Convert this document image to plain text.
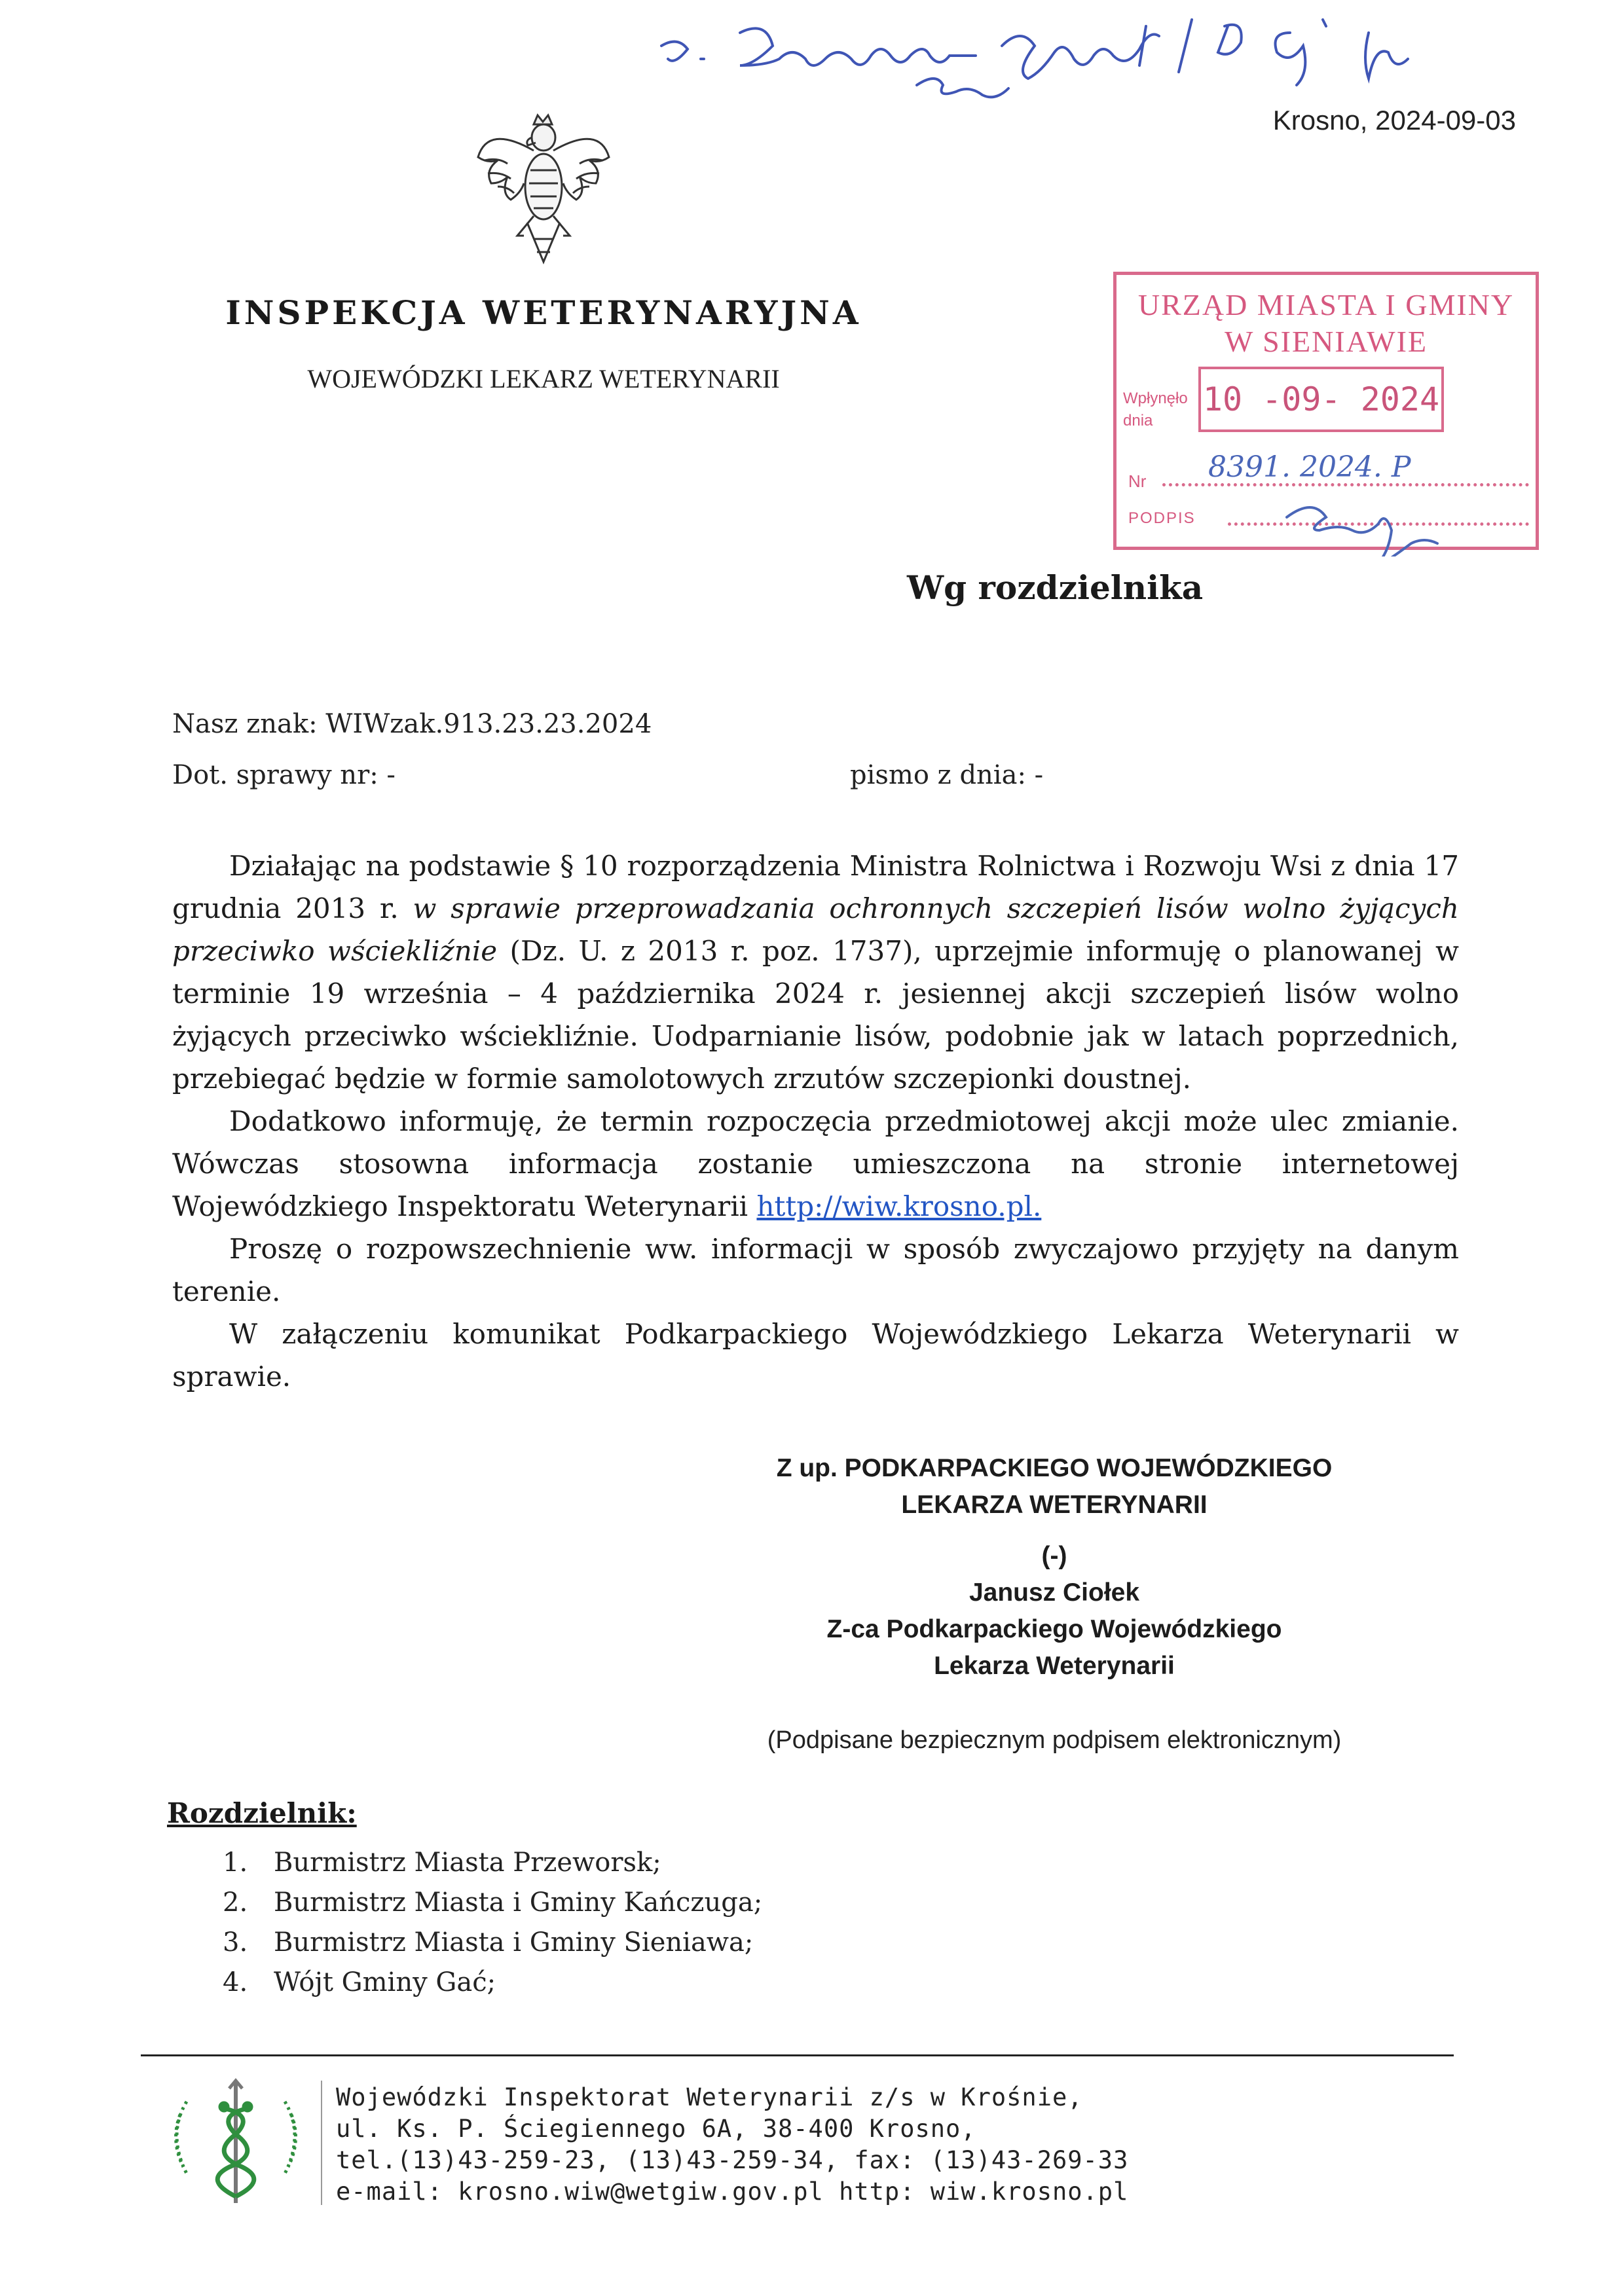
Krosno, 2024-09-03
INSPEKCJA WETERYNARYJNA
WOJEWÓDZKI LEKARZ WETERYNARII
URZĄD MIASTA I GMINY
W SIENIAWIE
Wpłynęło
dnia
10 -09- 2024
Nr 8391. 2024. P
PODPIS
Wg rozdzielnika
Nasz znak: WIWzak.913.23.23.2024
Dot. sprawy nr: -	pismo z dnia: -

Działając na podstawie § 10 rozporządzenia Ministra Rolnictwa i Rozwoju Wsi z dnia 17 grudnia 2013 r. w sprawie przeprowadzania ochronnych szczepień lisów wolno żyjących przeciwko wściekliźnie (Dz. U. z 2013 r. poz. 1737), uprzejmie informuję o planowanej w terminie 19 września – 4 października 2024 r. jesiennej akcji szczepień lisów wolno żyjących przeciwko wściekliźnie. Uodparnianie lisów, podobnie jak w latach poprzednich, przebiegać będzie w formie samolotowych zrzutów szczepionki doustnej.

Dodatkowo informuję, że termin rozpoczęcia przedmiotowej akcji może ulec zmianie. Wówczas stosowna informacja zostanie umieszczona na stronie internetowej Wojewódzkiego Inspektoratu Weterynarii http://wiw.krosno.pl.

Proszę o rozpowszechnienie ww. informacji w sposób zwyczajowo przyjęty na danym terenie.

W załączeniu komunikat Podkarpackiego Wojewódzkiego Lekarza Weterynarii w sprawie.

Z up. PODKARPACKIEGO WOJEWÓDZKIEGO
LEKARZA WETERYNARII
(-)
Janusz Ciołek
Z-ca Podkarpackiego Wojewódzkiego
Lekarza Weterynarii
(Podpisane bezpiecznym podpisem elektronicznym)
Rozdzielnik:
1. Burmistrz Miasta Przeworsk;
2. Burmistrz Miasta i Gminy Kańczuga;
3. Burmistrz Miasta i Gminy Sieniawa;
4. Wójt Gminy Gać;
Wojewódzki Inspektorat Weterynarii z/s w Krośnie,
ul. Ks. P. Ściegiennego 6A, 38-400 Krosno,
tel.(13)43-259-23, (13)43-259-34, fax: (13)43-269-33
e-mail: krosno.wiw@wetgiw.gov.pl http: wiw.krosno.pl
